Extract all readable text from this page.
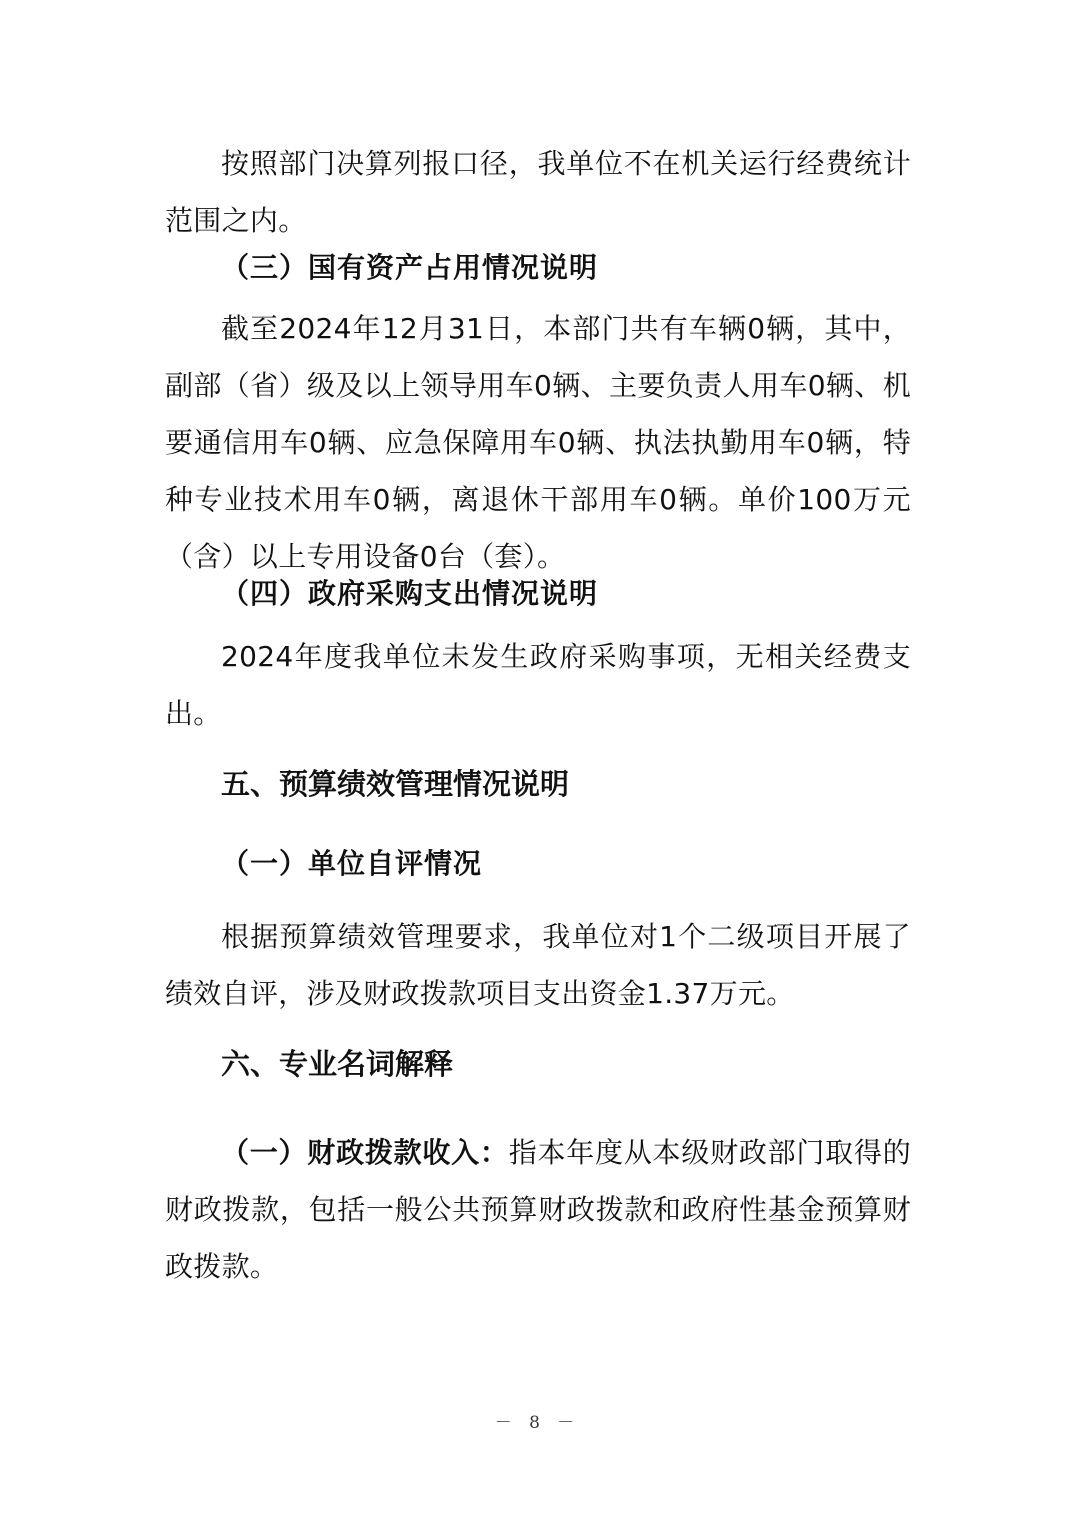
按照部门决算列报口径，我单位不在机关运行经费统计范围之内。

（三）国有资产占用情况说明

截至2024年12月31日，本部门共有车辆0辆，其中，副部（省）级及以上领导用车0辆、主要负责人用车0辆、机要通信用车0辆、应急保障用车0辆、执法执勤用车0辆，特种专业技术用车0辆，离退休干部用车0辆。单价100万元（含）以上专用设备0台（套）。

（四）政府采购支出情况说明

2024年度我单位未发生政府采购事项，无相关经费支出。

五、预算绩效管理情况说明
（一）单位自评情况

根据预算绩效管理要求，我单位对1个二级项目开展了绩效自评，涉及财政拨款项目支出资金1.37万元。

六、专业名词解释

（一）财政拨款收入：指本年度从本级财政部门取得的财政拨款，包括一般公共预算财政拨款和政府性基金预算财政拨款。

－ 8 －
